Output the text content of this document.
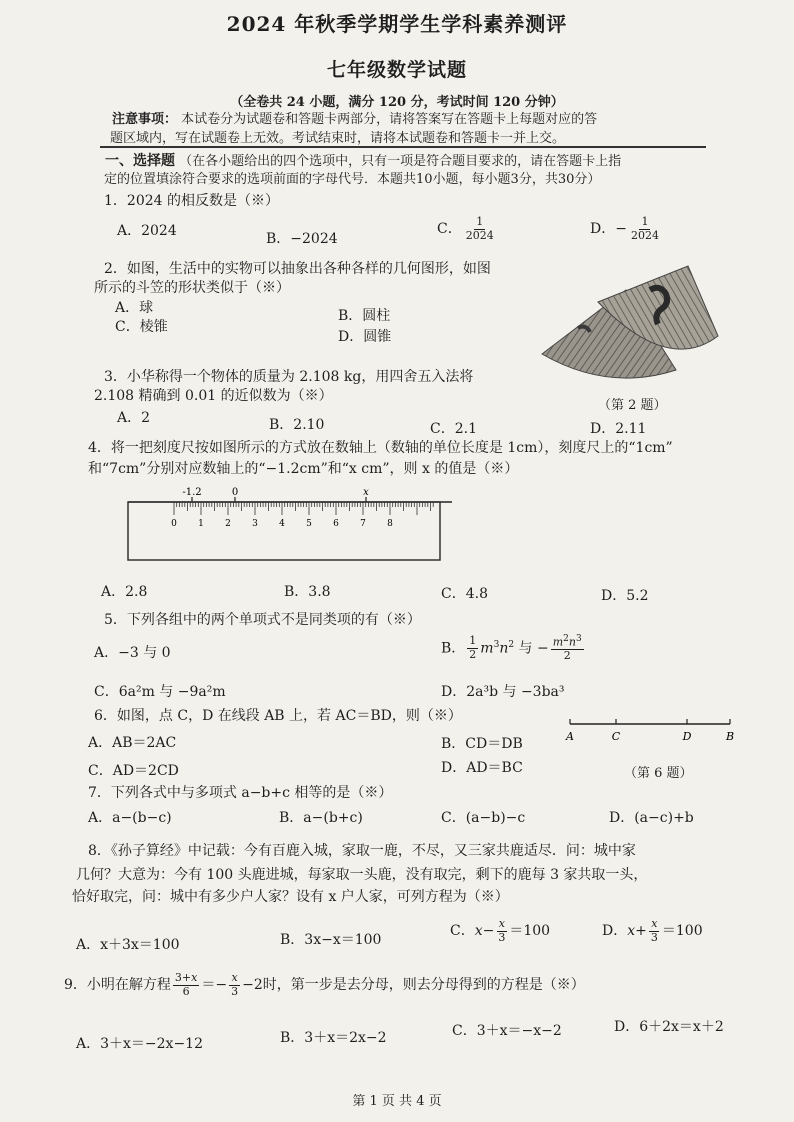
2024 年秋季学期学生学科素养测评
七年级数学试题
（全卷共 24 小题，满分 120 分，考试时间 120 分钟）
注意事项： 本试卷分为试题卷和答题卡两部分，请将答案写在答题卡上每题对应的答
题区域内，写在试题卷上无效。考试结束时，请将本试题卷和答题卡一并上交。
一、选择题 （在各小题给出的四个选项中，只有一项是符合题目要求的，请在答题卡上指
定的位置填涂符合要求的选项前面的字母代号．本题共10小题，每小题3分，共30分）
1．2024 的相反数是（※）
A．2024	B．−2024
C． $\frac{1}{2024}$	D．− $\frac{1}{2024}$
2．如图，生活中的实物可以抽象出各种各样的几何图形，如图
所示的斗笠的形状类似于（※）
A．球	B．圆柱
C．棱锥
D．圆锥
（第 2 题）
3．小华称得一个物体的质量为 2.108 kg，用四舍五入法将
2.108 精确到 0.01 的近似数为（※）
A．2	B．2.10	C．2.1	D．2.11
4．将一把刻度尺按如图所示的方式放在数轴上（数轴的单位长度是 1cm），刻度尺上的“1cm”
和“7cm”分别对应数轴上的“−1.2cm”和“x cm”，则 x 的值是（※）
-1.2	0	x
0 1 2 3 4 5 6 7 8
A．2.8	B．3.8	C．4.8	D．5.2
5．下列各组中的两个单项式不是同类项的有（※）
A．−3 与 0	B． $\frac{1}{2} m^3n^2$ 与 − $\frac{m^2n^3}{2}$
C．6a²m 与 −9a²m	D．2a³b 与 −3ba³
6．如图，点 C，D 在线段 AB 上，若 AC＝BD，则（※）
A．AB＝2AC	B．CD＝DB
C．AD＝2CD	D．AD＝BC
A	C	D	B
（第 6 题）
7．下列各式中与多项式 a−b+c 相等的是（※）
A．a−(b−c)	B．a−(b+c)	C．(a−b)−c	D．(a−c)+b
8．《孙子算经》中记载：今有百鹿入城，家取一鹿，不尽，又三家共鹿适尽．问：城中家
几何？大意为：今有 100 头鹿进城，每家取一头鹿，没有取完，剩下的鹿每 3 家共取一头，
恰好取完，问：城中有多少户人家？设有 x 户人家，可列方程为（※）
A．x＋3x＝100	B．3x−x＝100
C．$x- \frac{x}{3} =100$	D．$x+ \frac{x}{3} =100$
9．小明在解方程 $\frac{3+x}{6} =- \frac{x}{3} -2$时，第一步是去分母，则去分母得到的方程是（※）
A．3＋x＝−2x−12	B．3＋x＝2x−2	C．3＋x＝−x−2	D．6＋2x＝x＋2
第 1 页 共 4 页
